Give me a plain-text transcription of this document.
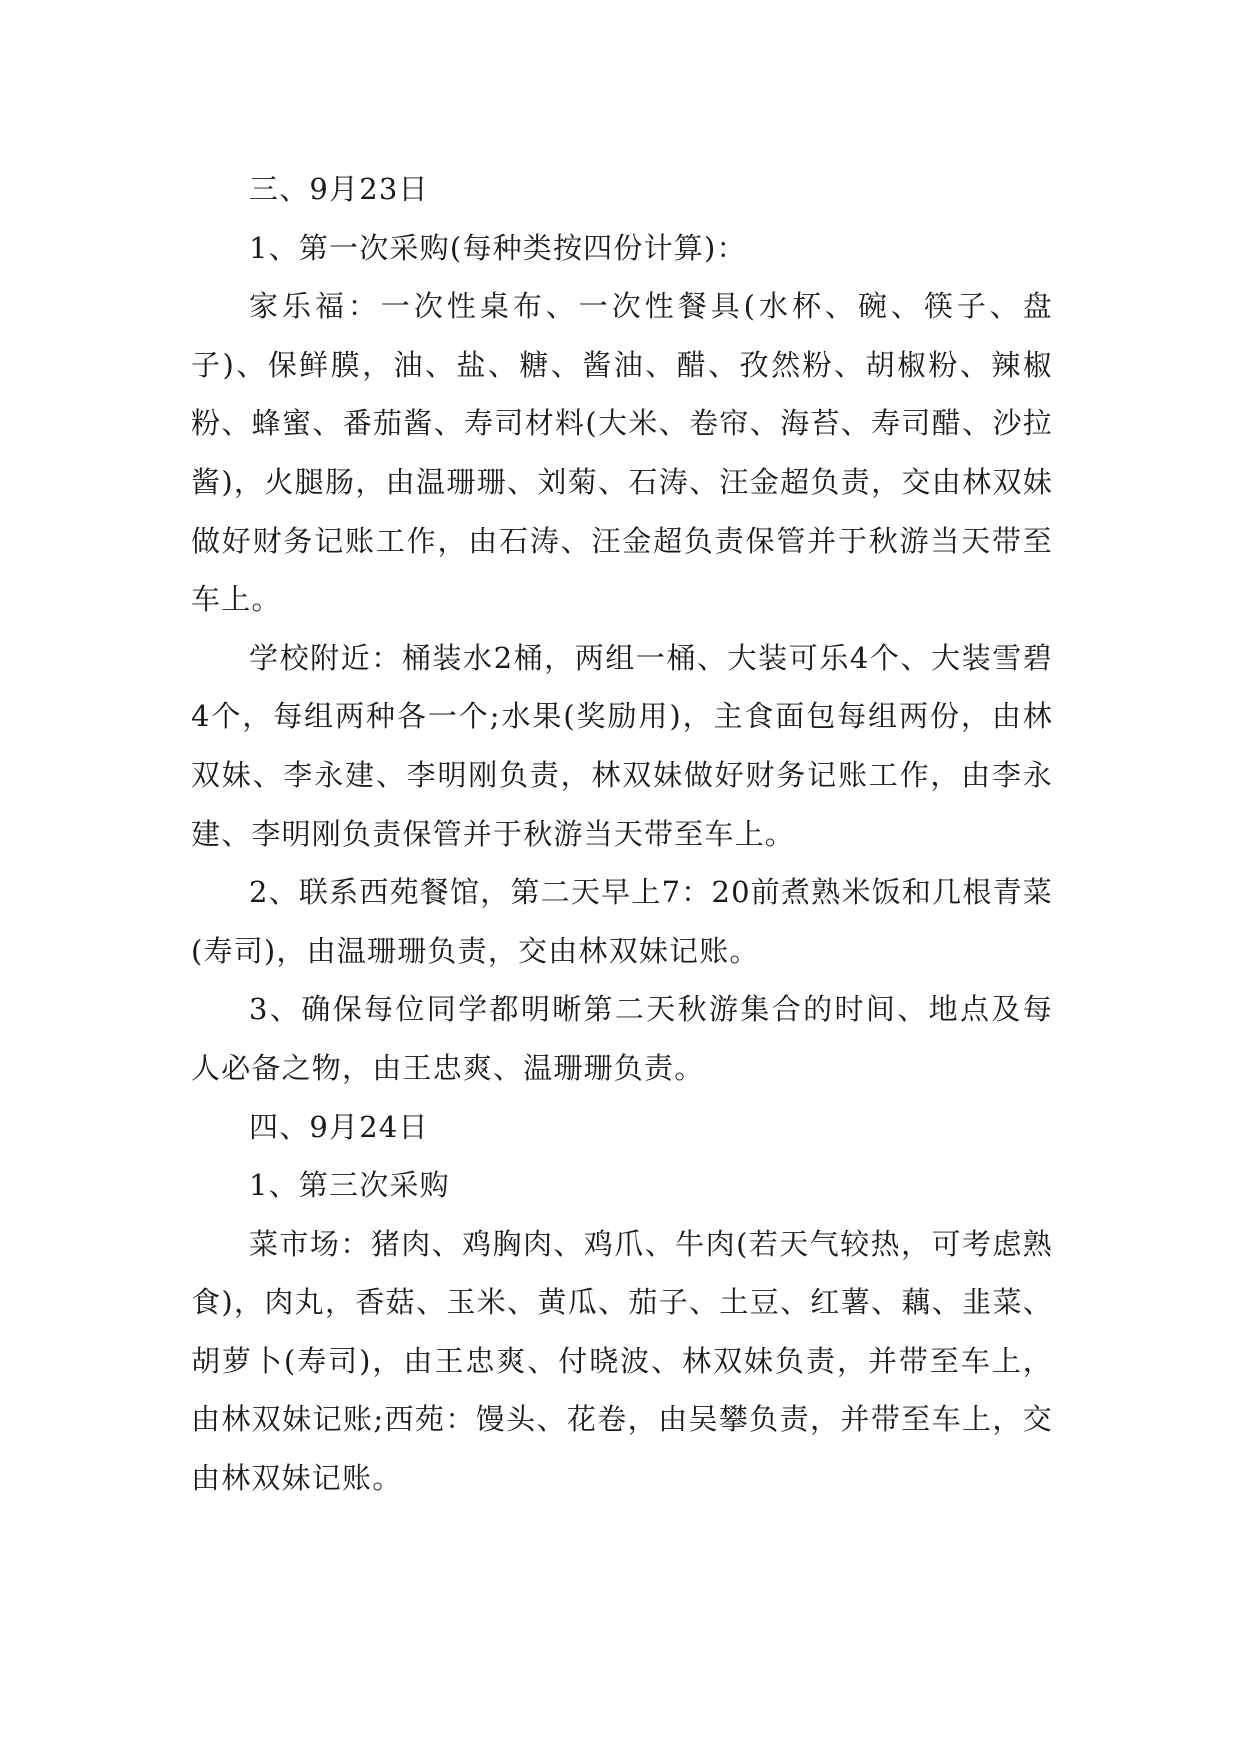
三、9月23日

1、第一次采购(每种类按四份计算)：

家乐福：一次性桌布、一次性餐具(水杯、碗、筷子、盘子)、保鲜膜，油、盐、糖、酱油、醋、孜然粉、胡椒粉、辣椒粉、蜂蜜、番茄酱、寿司材料(大米、卷帘、海苔、寿司醋、沙拉酱)，火腿肠，由温珊珊、刘菊、石涛、汪金超负责，交由林双妹做好财务记账工作，由石涛、汪金超负责保管并于秋游当天带至车上。

学校附近：桶装水2桶，两组一桶、大装可乐4个、大装雪碧4个，每组两种各一个;水果(奖励用)，主食面包每组两份，由林双妹、李永建、李明刚负责，林双妹做好财务记账工作，由李永建、李明刚负责保管并于秋游当天带至车上。

2、联系西苑餐馆，第二天早上7：20前煮熟米饭和几根青菜(寿司)，由温珊珊负责，交由林双妹记账。

3、确保每位同学都明晰第二天秋游集合的时间、地点及每人必备之物，由王忠爽、温珊珊负责。

四、9月24日

1、第三次采购

菜市场：猪肉、鸡胸肉、鸡爪、牛肉(若天气较热，可考虑熟食)，肉丸，香菇、玉米、黄瓜、茄子、土豆、红薯、藕、韭菜、胡萝卜(寿司)，由王忠爽、付晓波、林双妹负责，并带至车上，由林双妹记账;西苑：馒头、花卷，由吴攀负责，并带至车上，交由林双妹记账。
